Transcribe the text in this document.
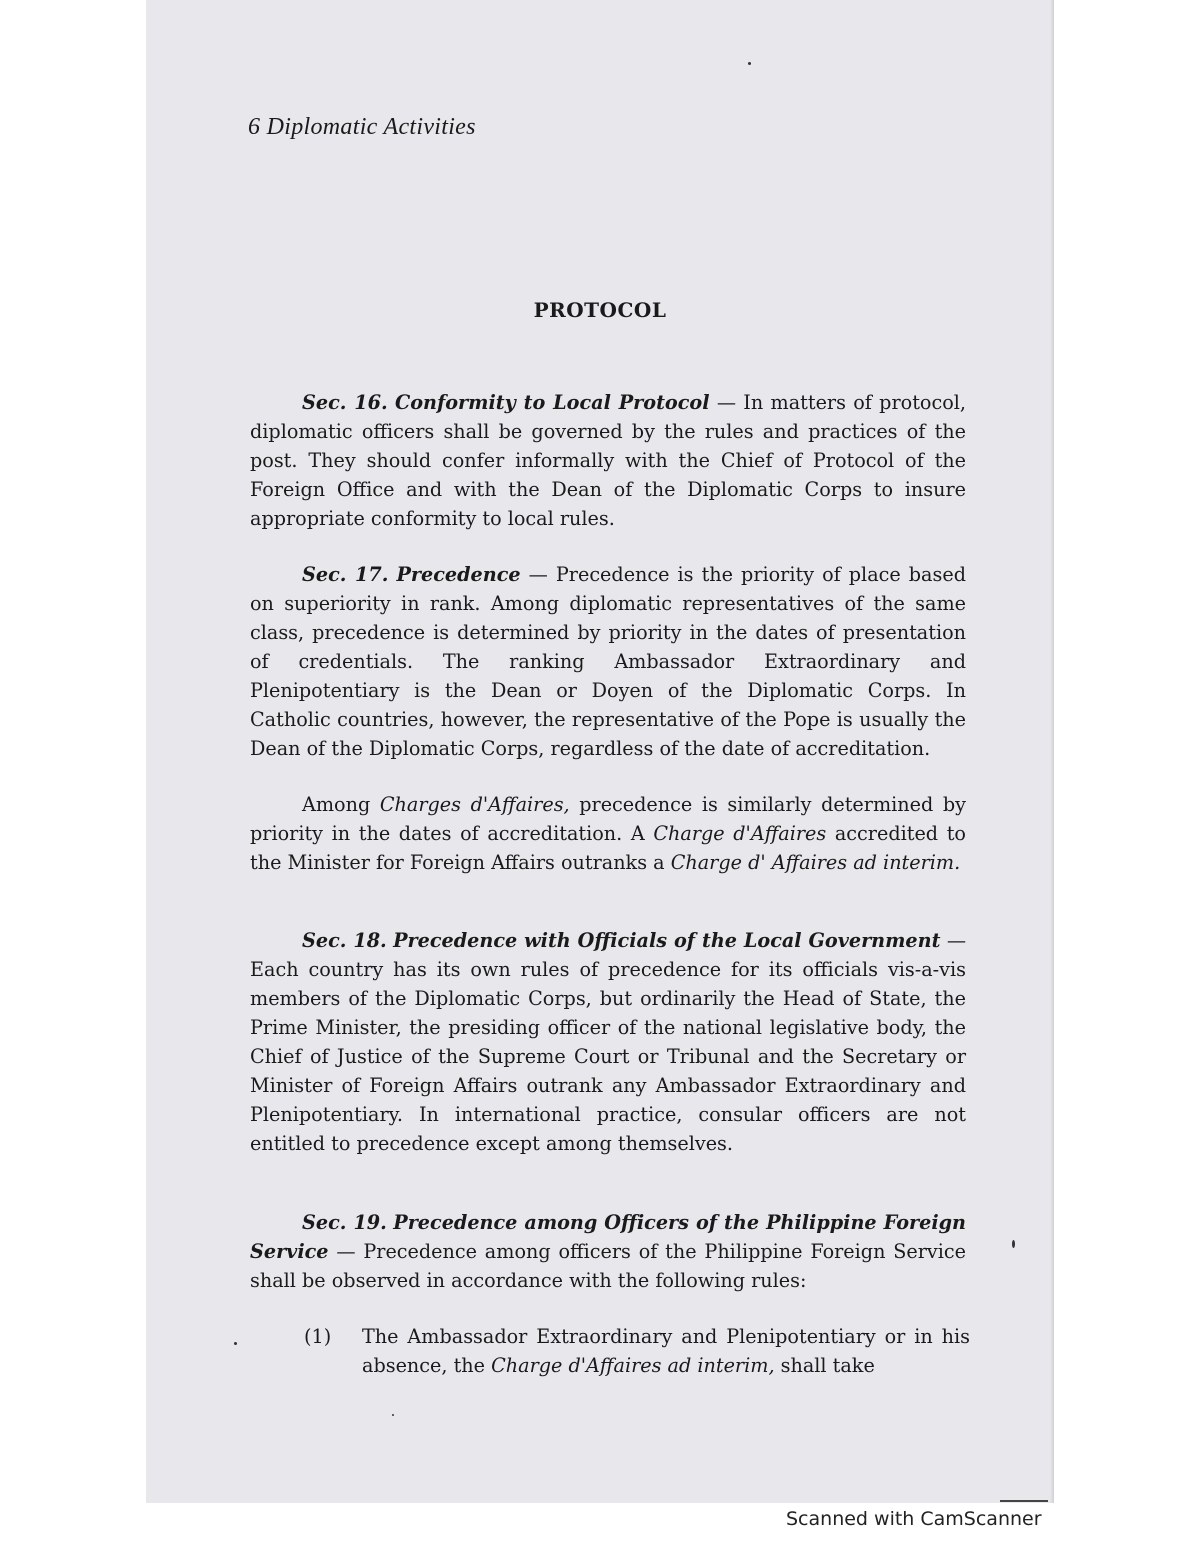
6 Diplomatic Activities
PROTOCOL

Sec. 16. Conformity to Local Protocol — In matters of protocol, diplomatic officers shall be governed by the rules and practices of the post. They should confer informally with the Chief of Protocol of the Foreign Office and with the Dean of the Diplomatic Corps to insure appropriate conformity to local rules.

Sec. 17. Precedence — Precedence is the priority of place based on superiority in rank. Among diplomatic representatives of the same class, precedence is determined by priority in the dates of presentation of credentials. The ranking Ambassador Extraordinary and Plenipotentiary is the Dean or Doyen of the Diplomatic Corps. In Catholic countries, however, the representative of the Pope is usually the Dean of the Diplomatic Corps, regardless of the date of accreditation.

Among Charges d'Affaires, precedence is similarly determined by priority in the dates of accreditation. A Charge d'Affaires accredited to the Minister for Foreign Affairs outranks a Charge d' Affaires ad interim.

Sec. 18. Precedence with Officials of the Local Government — Each country has its own rules of precedence for its officials vis-a-vis members of the Diplomatic Corps, but ordinarily the Head of State, the Prime Minister, the presiding officer of the national legislative body, the Chief of Justice of the Supreme Court or Tribunal and the Secretary or Minister of Foreign Affairs outrank any Ambassador Extraordinary and Plenipotentiary. In international practice, consular officers are not entitled to precedence except among themselves.

Sec. 19. Precedence among Officers of the Philippine Foreign Service — Precedence among officers of the Philippine Foreign Service shall be observed in accordance with the following rules:

(1) The Ambassador Extraordinary and Plenipotentiary or in his absence, the Charge d'Affaires ad interim, shall take
Scanned with CamScanner
